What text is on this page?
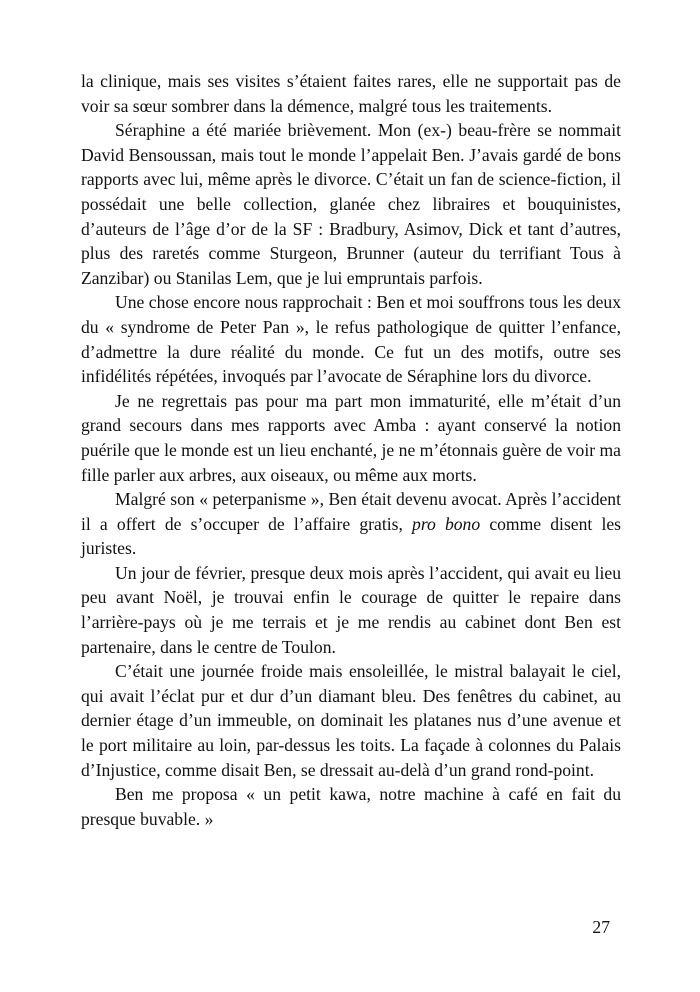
la clinique, mais ses visites s’étaient faites rares, elle ne supportait pas de voir sa sœur sombrer dans la démence, malgré tous les traitements.

Séraphine a été mariée brièvement. Mon (ex-) beau-frère se nommait David Bensoussan, mais tout le monde l’appelait Ben. J’avais gardé de bons rapports avec lui, même après le divorce. C’était un fan de science-fiction, il possédait une belle collection, glanée chez libraires et bouquinistes, d’auteurs de l’âge d’or de la SF : Bradbury, Asimov, Dick et tant d’autres, plus des raretés comme Sturgeon, Brunner (auteur du terrifiant Tous à Zanzibar) ou Stanilas Lem, que je lui empruntais parfois.

Une chose encore nous rapprochait : Ben et moi souffrons tous les deux du « syndrome de Peter Pan », le refus pathologique de quitter l’enfance, d’admettre la dure réalité du monde. Ce fut un des motifs, outre ses infidélités répétées, invoqués par l’avocate de Séraphine lors du divorce.

Je ne regrettais pas pour ma part mon immaturité, elle m’était d’un grand secours dans mes rapports avec Amba : ayant conservé la notion puérile que le monde est un lieu enchanté, je ne m’étonnais guère de voir ma fille parler aux arbres, aux oiseaux, ou même aux morts.

Malgré son « peterpanisme », Ben était devenu avocat. Après l’accident il a offert de s’occuper de l’affaire gratis, pro bono comme disent les juristes.

Un jour de février, presque deux mois après l’accident, qui avait eu lieu peu avant Noël, je trouvai enfin le courage de quitter le repaire dans l’arrière-pays où je me terrais et je me rendis au cabinet dont Ben est partenaire, dans le centre de Toulon.

C’était une journée froide mais ensoleillée, le mistral balayait le ciel, qui avait l’éclat pur et dur d’un diamant bleu. Des fenêtres du cabinet, au dernier étage d’un immeuble, on dominait les platanes nus d’une avenue et le port militaire au loin, par-dessus les toits. La façade à colonnes du Palais d’Injustice, comme disait Ben, se dressait au-delà d’un grand rond-point.

Ben me proposa « un petit kawa, notre machine à café en fait du presque buvable. »

27
